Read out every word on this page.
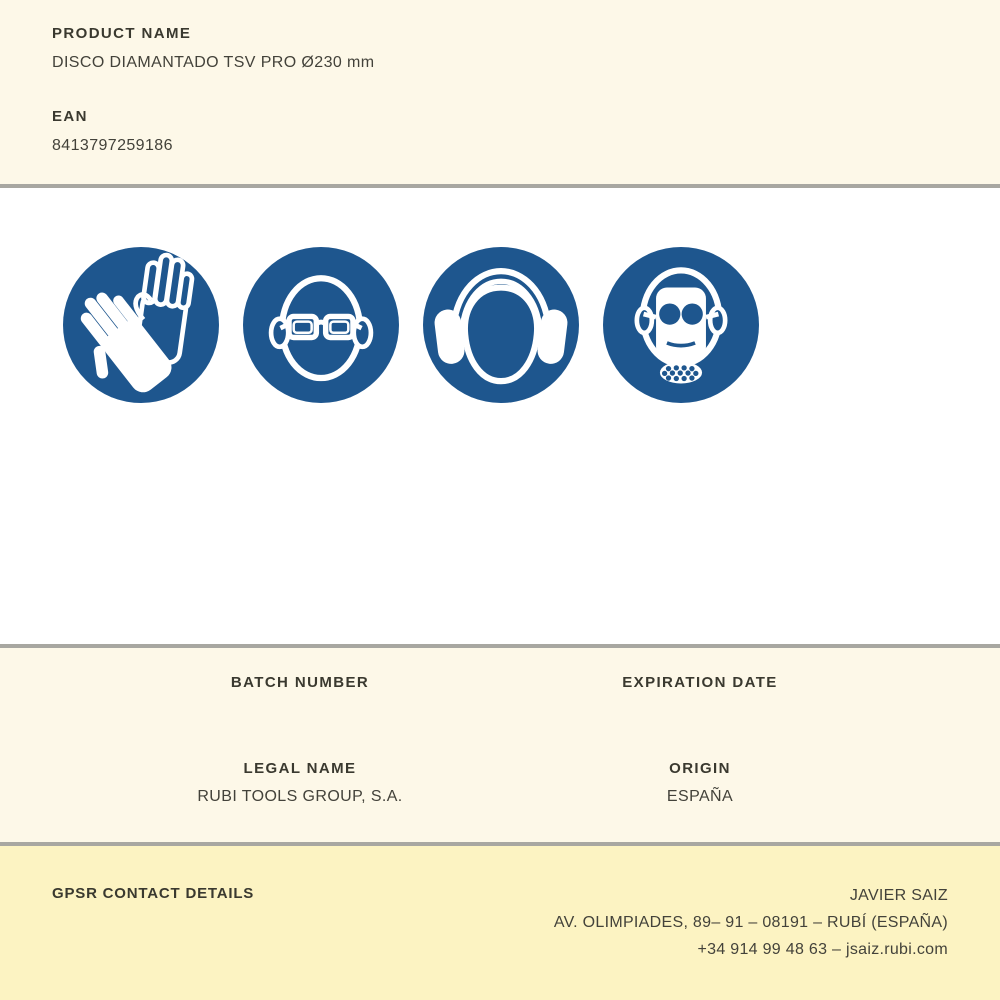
PRODUCT NAME
DISCO DIAMANTADO TSV PRO Ø230 mm
EAN
8413797259186
BATCH NUMBER	EXPIRATION DATE
LEGAL NAME
RUBI TOOLS GROUP, S.A.
ORIGIN
ESPAÑA
GPSR CONTACT DETAILS	JAVIER SAIZ
AV. OLIMPIADES, 89– 91 – 08191 – RUBÍ (ESPAÑA)
+34 914 99 48 63 – jsaiz.rubi.com
